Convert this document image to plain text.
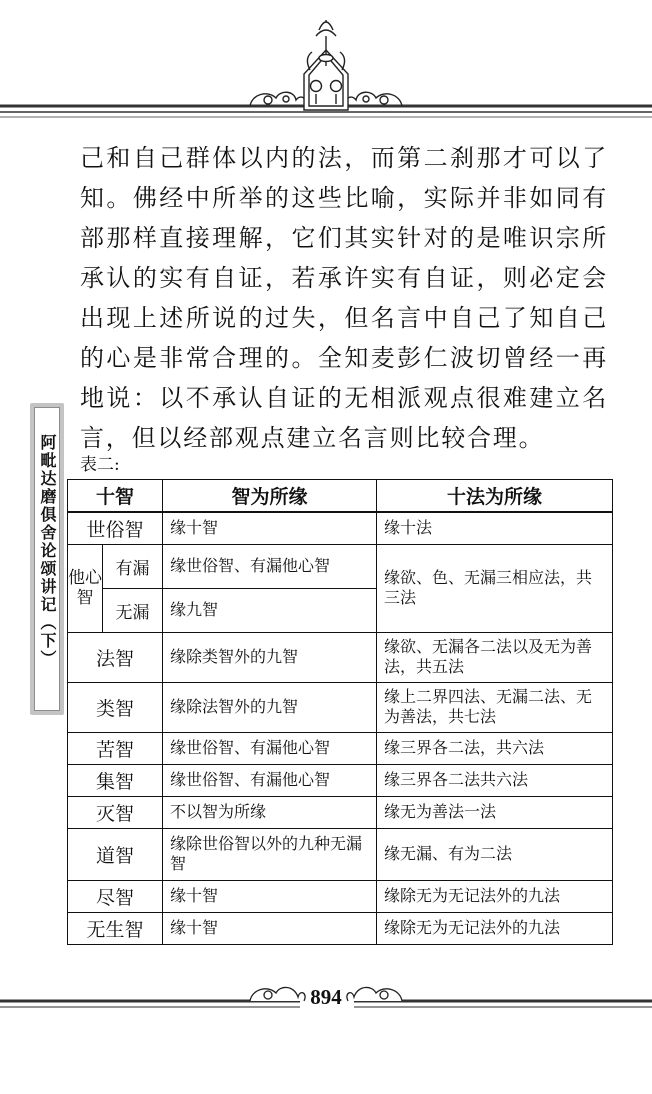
阿毗达磨俱舍论颂讲记（下）

己和自己群体以内的法，而第二刹那才可以了知。佛经中所举的这些比喻，实际并非如同有部那样直接理解，它们其实针对的是唯识宗所承认的实有自证，若承许实有自证，则必定会出现上述所说的过失，但名言中自己了知自己的心是非常合理的。全知麦彭仁波切曾经一再地说：以不承认自证的无相派观点很难建立名言，但以经部观点建立名言则比较合理。

表二:
十智		智为所缘	十法为所缘
世俗智		缘十智	缘十法
他心智	有漏	缘世俗智、有漏他心智	缘欲、色、无漏三相应法，共三法
	无漏	缘九智	
法智		缘除类智外的九智	缘欲、无漏各二法以及无为善法，共五法
类智		缘除法智外的九智	缘上二界四法、无漏二法、无为善法，共七法
苦智		缘世俗智、有漏他心智	缘三界各二法，共六法
集智		缘世俗智、有漏他心智	缘三界各二法共六法
灭智		不以智为所缘	缘无为善法一法
道智		缘除世俗智以外的九种无漏智	缘无漏、有为二法
尽智		缘十智	缘除无为无记法外的九法
无生智		缘十智	缘除无为无记法外的九法
894
